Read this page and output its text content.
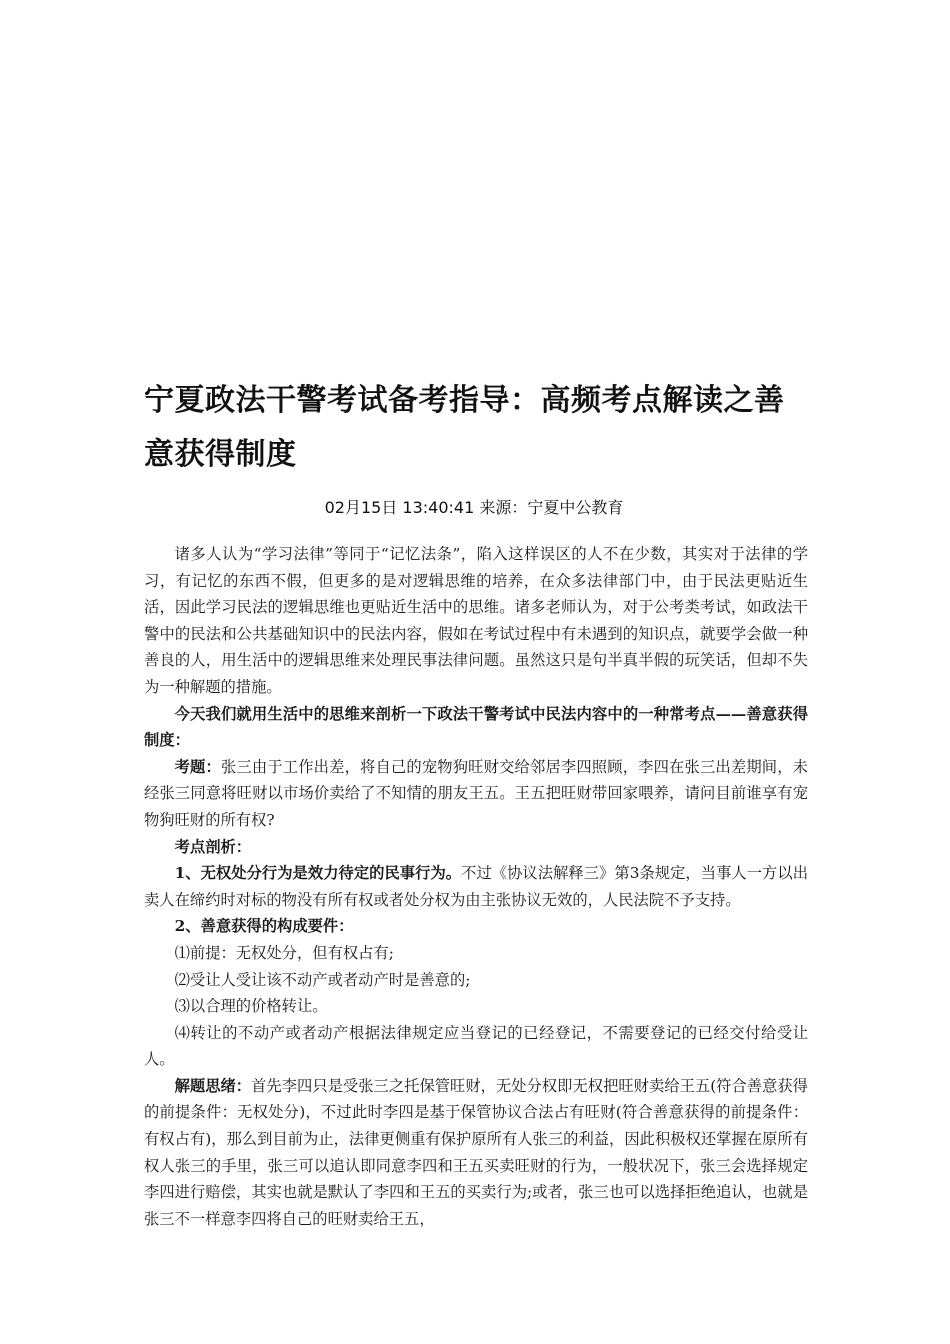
宁夏政法干警考试备考指导：高频考点解读之善意获得制度
02月15日 13:40:41 来源：宁夏中公教育

诸多人认为“学习法律”等同于“记忆法条”，陷入这样误区的人不在少数，其实对于法律的学习，有记忆的东西不假，但更多的是对逻辑思维的培养，在众多法律部门中，由于民法更贴近生活，因此学习民法的逻辑思维也更贴近生活中的思维。诸多老师认为，对于公考类考试，如政法干警中的民法和公共基础知识中的民法内容，假如在考试过程中有未遇到的知识点，就要学会做一种善良的人，用生活中的逻辑思维来处理民事法律问题。虽然这只是句半真半假的玩笑话，但却不失为一种解题的措施。

今天我们就用生活中的思维来剖析一下政法干警考试中民法内容中的一种常考点——善意获得制度：

考题：张三由于工作出差，将自己的宠物狗旺财交给邻居李四照顾，李四在张三出差期间，未经张三同意将旺财以市场价卖给了不知情的朋友王五。王五把旺财带回家喂养，请问目前谁享有宠物狗旺财的所有权?

考点剖析：

1、无权处分行为是效力待定的民事行为。不过《协议法解释三》第3条规定，当事人一方以出卖人在缔约时对标的物没有所有权或者处分权为由主张协议无效的，人民法院不予支持。

2、善意获得的构成要件：

⑴前提：无权处分，但有权占有;

⑵受让人受让该不动产或者动产时是善意的;

⑶以合理的价格转让。

⑷转让的不动产或者动产根据法律规定应当登记的已经登记，不需要登记的已经交付给受让人。

解题思绪：首先李四只是受张三之托保管旺财，无处分权即无权把旺财卖给王五(符合善意获得的前提条件：无权处分)，不过此时李四是基于保管协议合法占有旺财(符合善意获得的前提条件：有权占有)，那么到目前为止，法律更侧重有保护原所有人张三的利益，因此积极权还掌握在原所有权人张三的手里，张三可以追认即同意李四和王五买卖旺财的行为，一般状况下，张三会选择规定李四进行赔偿，其实也就是默认了李四和王五的买卖行为;或者，张三也可以选择拒绝追认，也就是张三不一样意李四将自己的旺财卖给王五，
